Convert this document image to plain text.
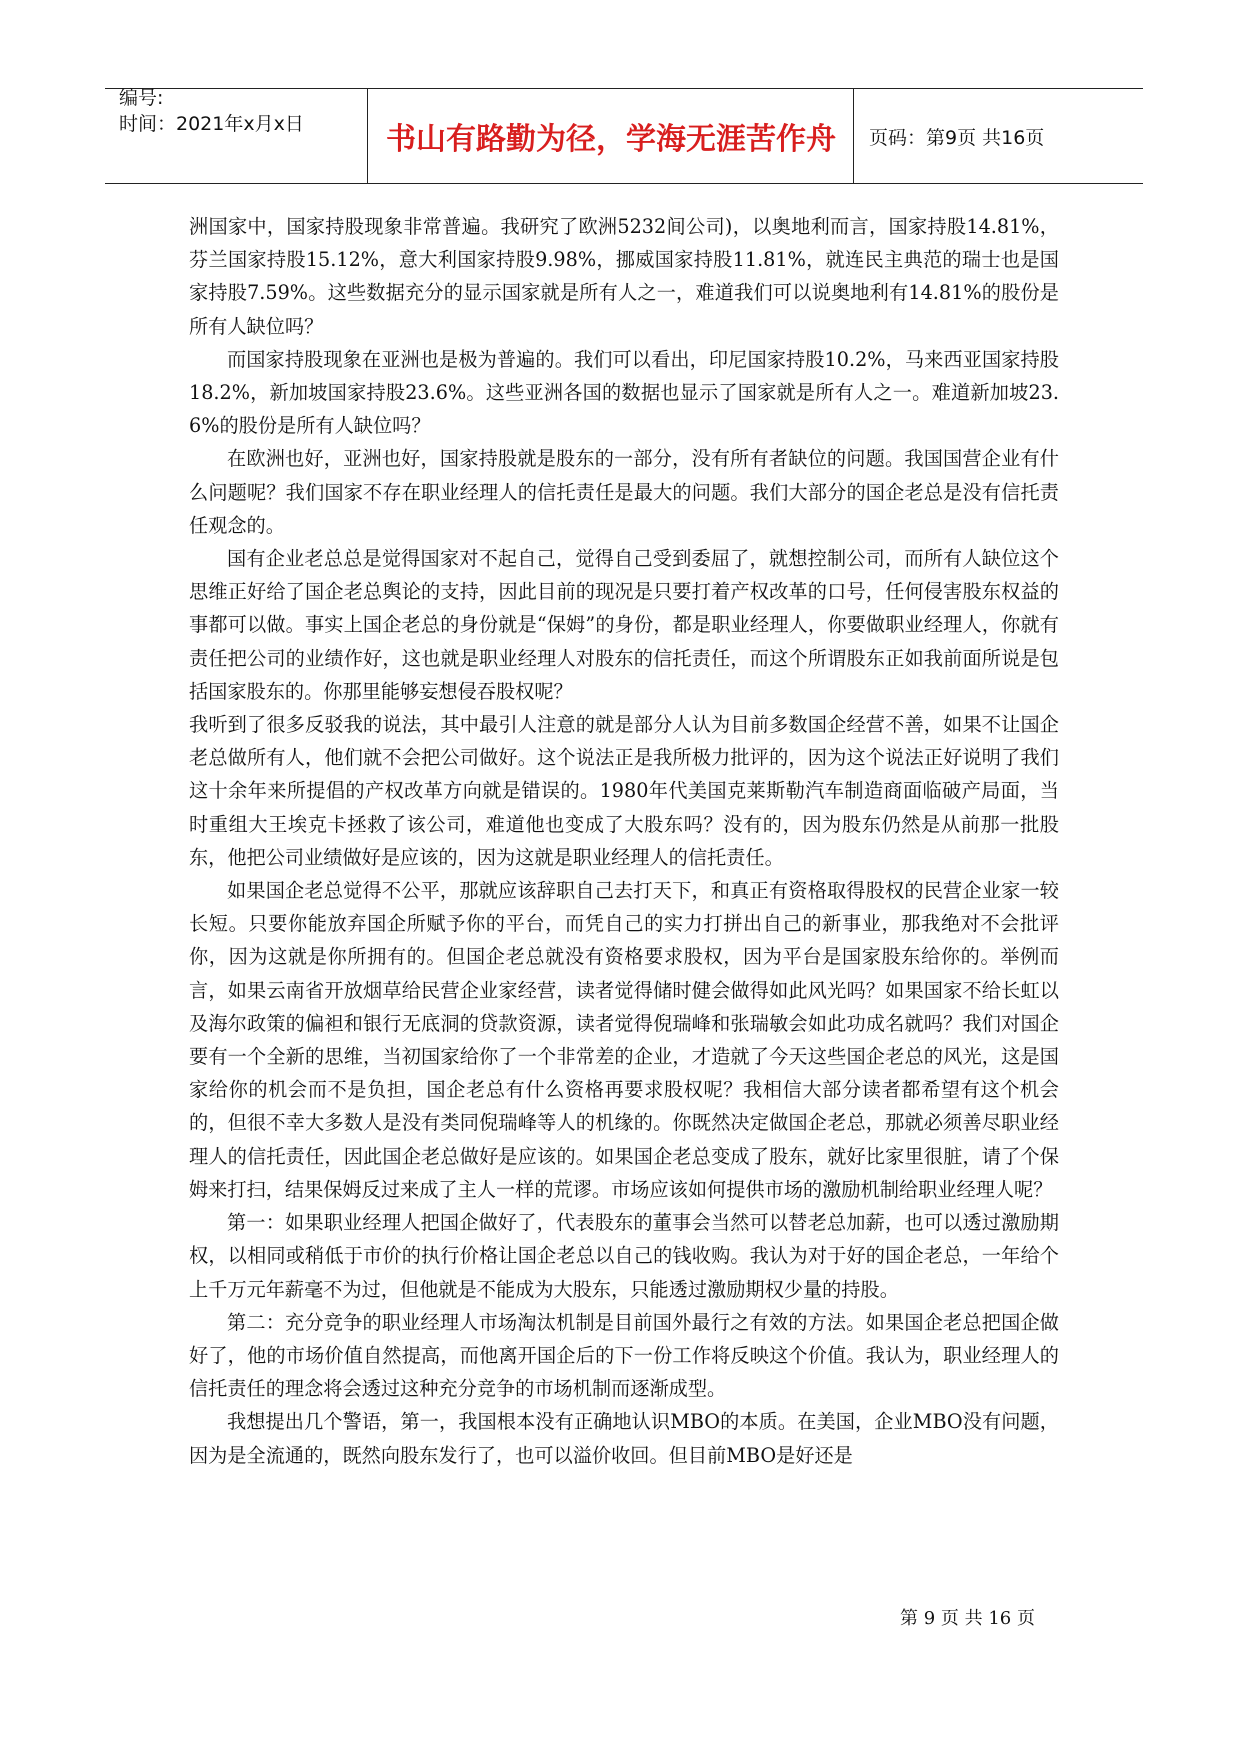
编号:
时间：2021年x月x日	书山有路勤为径，学海无涯苦作舟 页码：第9页 共16页

洲国家中，国家持股现象非常普遍。我研究了欧洲5232间公司)，以奥地利而言，国家持股14.81%，芬兰国家持股15.12%，意大利国家持股9.98%，挪威国家持股11.81%，就连民主典范的瑞士也是国家持股7.59%。这些数据充分的显示国家就是所有人之一，难道我们可以说奥地利有14.81%的股份是所有人缺位吗？

而国家持股现象在亚洲也是极为普遍的。我们可以看出，印尼国家持股10.2%，马来西亚国家持股18.2%，新加坡国家持股23.6%。这些亚洲各国的数据也显示了国家就是所有人之一。难道新加坡23.6%的股份是所有人缺位吗？

在欧洲也好，亚洲也好，国家持股就是股东的一部分，没有所有者缺位的问题。我国国营企业有什么问题呢？我们国家不存在职业经理人的信托责任是最大的问题。我们大部分的国企老总是没有信托责任观念的。

国有企业老总总是觉得国家对不起自己，觉得自己受到委屈了，就想控制公司，而所有人缺位这个思维正好给了国企老总舆论的支持，因此目前的现况是只要打着产权改革的口号，任何侵害股东权益的事都可以做。事实上国企老总的身份就是“保姆”的身份，都是职业经理人，你要做职业经理人，你就有责任把公司的业绩作好，这也就是职业经理人对股东的信托责任，而这个所谓股东正如我前面所说是包括国家股东的。你那里能够妄想侵吞股权呢？

我听到了很多反驳我的说法，其中最引人注意的就是部分人认为目前多数国企经营不善，如果不让国企老总做所有人，他们就不会把公司做好。这个说法正是我所极力批评的，因为这个说法正好说明了我们这十余年来所提倡的产权改革方向就是错误的。1980年代美国克莱斯勒汽车制造商面临破产局面，当时重组大王埃克卡拯救了该公司，难道他也变成了大股东吗？没有的，因为股东仍然是从前那一批股东，他把公司业绩做好是应该的，因为这就是职业经理人的信托责任。

如果国企老总觉得不公平，那就应该辞职自己去打天下，和真正有资格取得股权的民营企业家一较长短。只要你能放弃国企所赋予你的平台，而凭自己的实力打拼出自己的新事业，那我绝对不会批评你，因为这就是你所拥有的。但国企老总就没有资格要求股权，因为平台是国家股东给你的。举例而言，如果云南省开放烟草给民营企业家经营，读者觉得储时健会做得如此风光吗？如果国家不给长虹以及海尔政策的偏袒和银行无底洞的贷款资源，读者觉得倪瑞峰和张瑞敏会如此功成名就吗？我们对国企要有一个全新的思维，当初国家给你了一个非常差的企业，才造就了今天这些国企老总的风光，这是国家给你的机会而不是负担，国企老总有什么资格再要求股权呢？我相信大部分读者都希望有这个机会的，但很不幸大多数人是没有类同倪瑞峰等人的机缘的。你既然决定做国企老总，那就必须善尽职业经理人的信托责任，因此国企老总做好是应该的。如果国企老总变成了股东，就好比家里很脏，请了个保姆来打扫，结果保姆反过来成了主人一样的荒谬。市场应该如何提供市场的激励机制给职业经理人呢？

第一：如果职业经理人把国企做好了，代表股东的董事会当然可以替老总加薪，也可以透过激励期权，以相同或稍低于市价的执行价格让国企老总以自己的钱收购。我认为对于好的国企老总，一年给个上千万元年薪毫不为过，但他就是不能成为大股东，只能透过激励期权少量的持股。

第二：充分竞争的职业经理人市场淘汰机制是目前国外最行之有效的方法。如果国企老总把国企做好了，他的市场价值自然提高，而他离开国企后的下一份工作将反映这个价值。我认为，职业经理人的信托责任的理念将会透过这种充分竞争的市场机制而逐渐成型。

我想提出几个警语，第一，我国根本没有正确地认识MBO的本质。在美国，企业MBO没有问题，因为是全流通的，既然向股东发行了，也可以溢价收回。但目前MBO是好还是

第 9 页 共 16 页
